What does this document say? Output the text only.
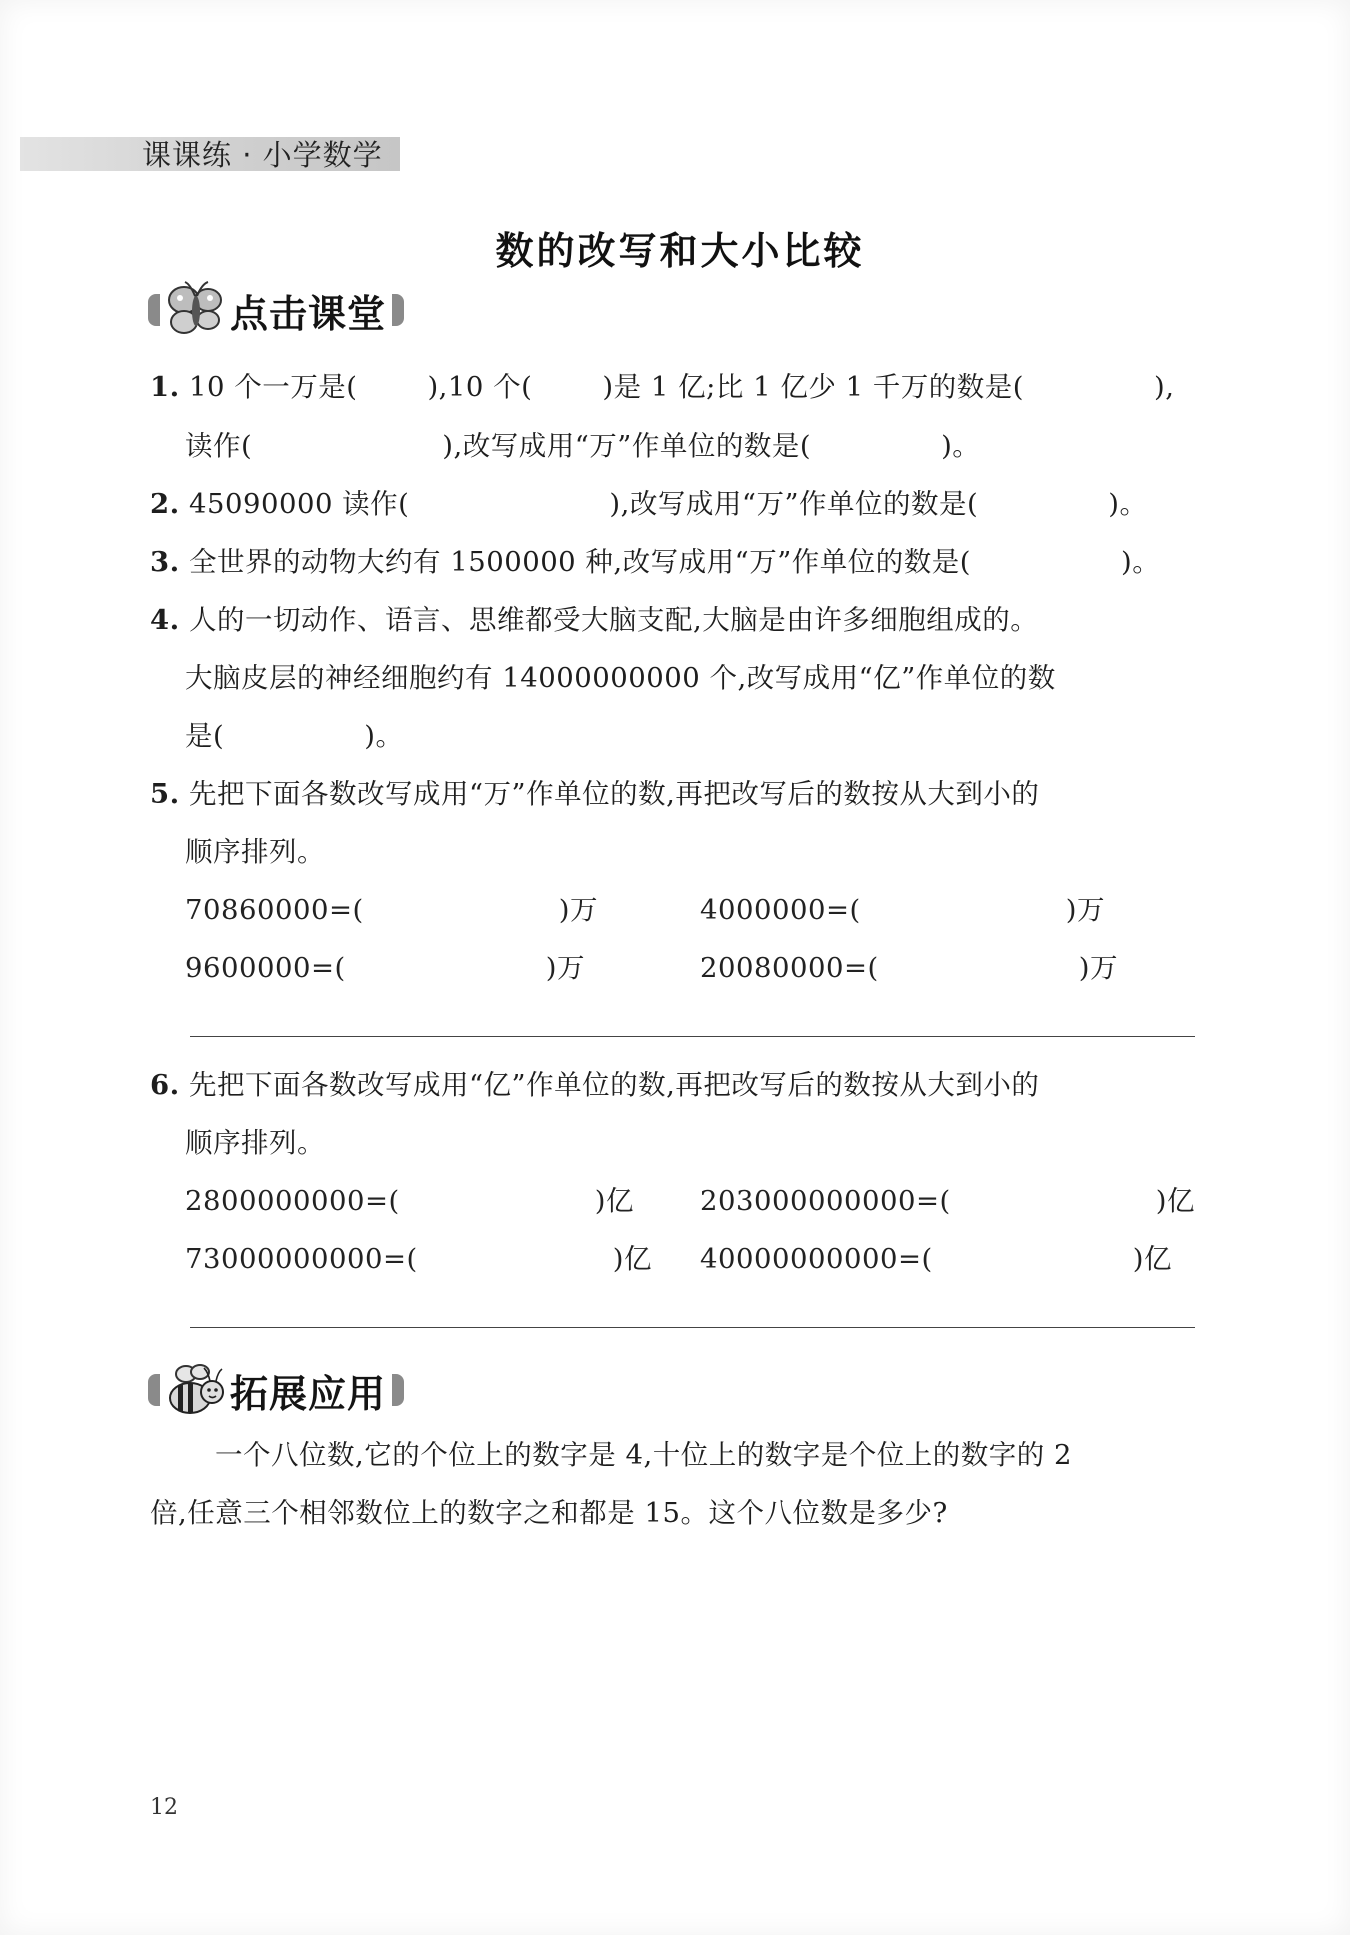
课课练 · 小学数学
数的改写和大小比较
点击课堂
1. 10 个一万是(	),10 个(	)是 1 亿;比 1 亿少 1 千万的数是(	),
读作(	),改写成用“万”作单位的数是(	)。
2. 45090000 读作(	),改写成用“万”作单位的数是(	)。
3. 全世界的动物大约有 1500000 种,改写成用“万”作单位的数是(	)。
4. 人的一切动作、语言、思维都受大脑支配,大脑是由许多细胞组成的。
大脑皮层的神经细胞约有 14000000000 个,改写成用“亿”作单位的数
是(	)。
5. 先把下面各数改写成用“万”作单位的数,再把改写后的数按从大到小的
顺序排列。
70860000=(	)万	4000000=(	)万
9600000=(	)万	20080000=(	)万
6. 先把下面各数改写成用“亿”作单位的数,再把改写后的数按从大到小的
顺序排列。
2800000000=(	)亿 203000000000=(	)亿
73000000000=(	)亿 40000000000=(	)亿
拓展应用
一个八位数,它的个位上的数字是 4,十位上的数字是个位上的数字的 2
倍,任意三个相邻数位上的数字之和都是 15。这个八位数是多少?
12
